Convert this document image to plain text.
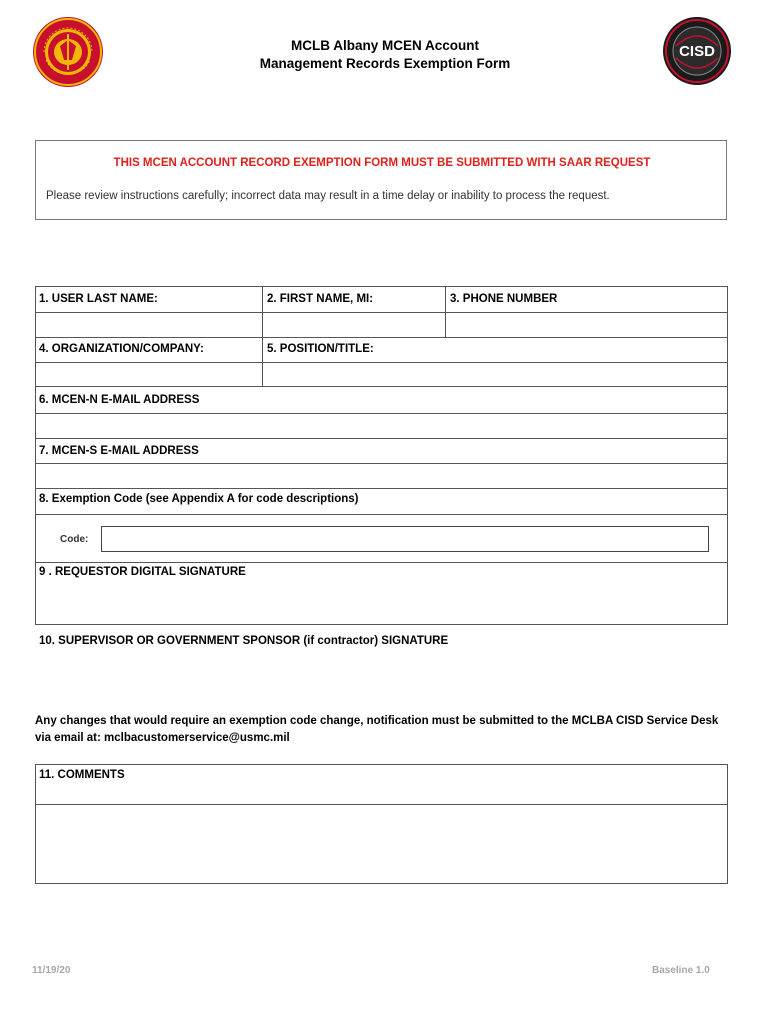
MCLB Albany MCEN Account
Management Records Exemption Form
CISD
THIS MCEN ACCOUNT RECORD EXEMPTION FORM MUST BE SUBMITTED WITH SAAR REQUEST
Please review instructions carefully; incorrect data may result in a time delay or inability to process the request.
1. USER LAST NAME:	2. FIRST NAME, MI:	3. PHONE NUMBER
4. ORGANIZATION/COMPANY:	5. POSITION/TITLE:
6. MCEN-N E-MAIL ADDRESS
7. MCEN-S E-MAIL ADDRESS
8. Exemption Code (see Appendix A for code descriptions)
Code:
9 . REQUESTOR DIGITAL SIGNATURE
10. SUPERVISOR OR GOVERNMENT SPONSOR (if contractor) SIGNATURE
Any changes that would require an exemption code change, notification must be submitted to the MCLBA CISD Service Desk via email at: mclbacustomerservice@usmc.mil
11. COMMENTS
11/19/20	Baseline 1.0
